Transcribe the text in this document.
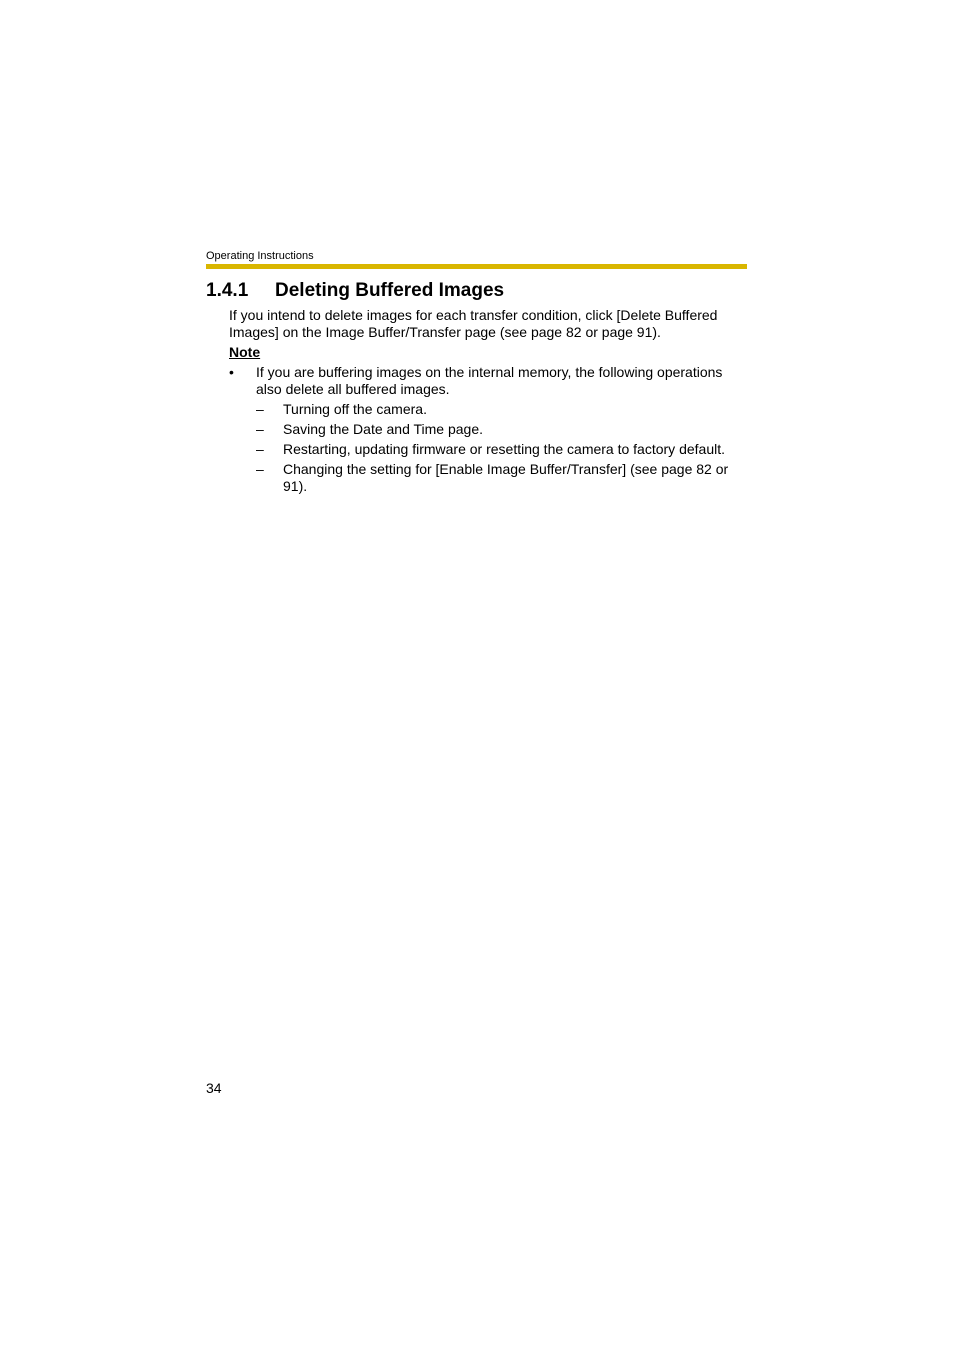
Operating Instructions
1.4.1 Deleting Buffered Images
If you intend to delete images for each transfer condition, click [Delete Buffered Images] on the Image Buffer/Transfer page (see page 82 or page 91).
Note
•	If you are buffering images on the internal memory, the following operations also delete all buffered images.
–	Turning off the camera.
–	Saving the Date and Time page.
–	Restarting, updating firmware or resetting the camera to factory default.
–	Changing the setting for [Enable Image Buffer/Transfer] (see page 82 or 91).
34
